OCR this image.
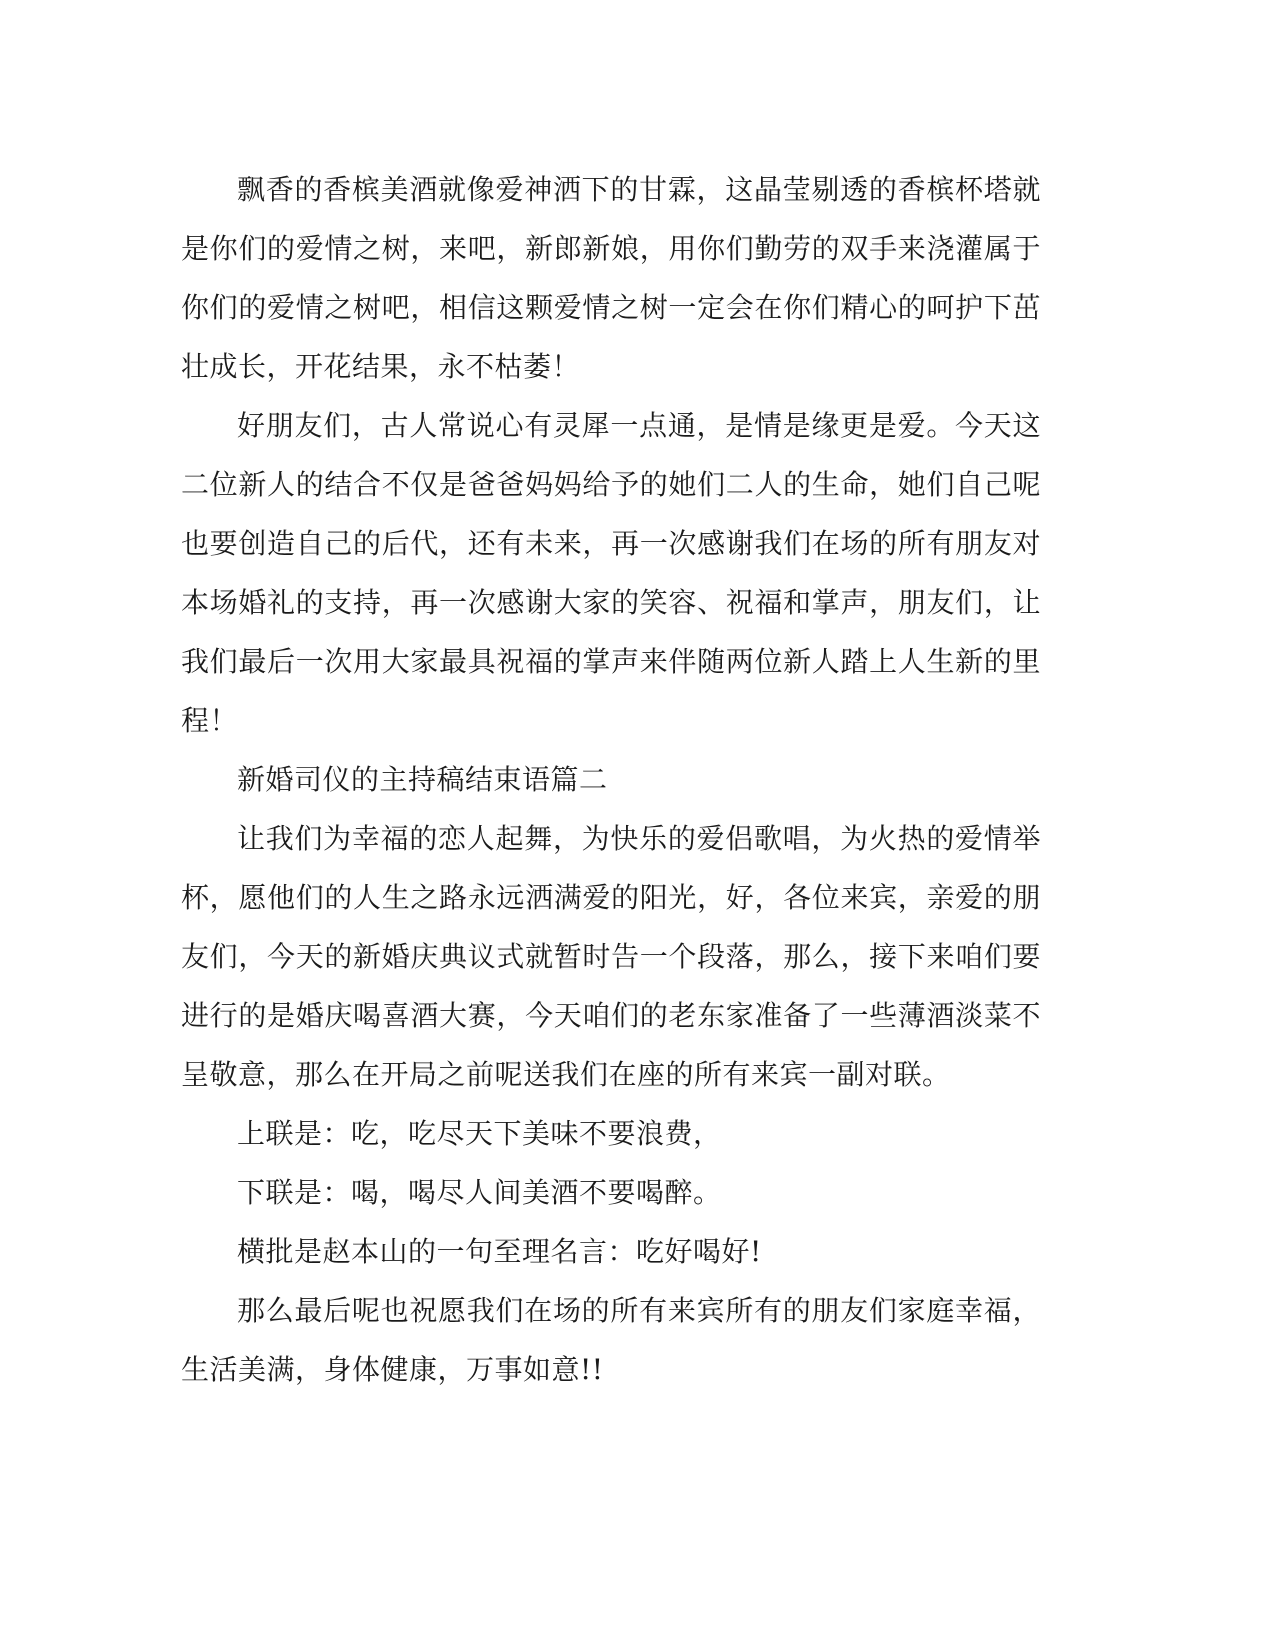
飘香的香槟美酒就像爱神洒下的甘霖，这晶莹剔透的香槟杯塔就是你们的爱情之树，来吧，新郎新娘，用你们勤劳的双手来浇灌属于你们的爱情之树吧，相信这颗爱情之树一定会在你们精心的呵护下茁壮成长，开花结果，永不枯萎！

好朋友们，古人常说心有灵犀一点通，是情是缘更是爱。今天这二位新人的结合不仅是爸爸妈妈给予的她们二人的生命，她们自己呢也要创造自己的后代，还有未来，再一次感谢我们在场的所有朋友对本场婚礼的支持，再一次感谢大家的笑容、祝福和掌声，朋友们，让我们最后一次用大家最具祝福的掌声来伴随两位新人踏上人生新的里程！

新婚司仪的主持稿结束语篇二

让我们为幸福的恋人起舞，为快乐的爱侣歌唱，为火热的爱情举杯，愿他们的人生之路永远洒满爱的阳光，好，各位来宾，亲爱的朋友们，今天的新婚庆典议式就暂时告一个段落，那么，接下来咱们要进行的是婚庆喝喜酒大赛，今天咱们的老东家准备了一些薄酒淡菜不呈敬意，那么在开局之前呢送我们在座的所有来宾一副对联。

上联是：吃，吃尽天下美味不要浪费，

下联是：喝，喝尽人间美酒不要喝醉。

横批是赵本山的一句至理名言：吃好喝好!

那么最后呢也祝愿我们在场的所有来宾所有的朋友们家庭幸福，生活美满，身体健康，万事如意!!
